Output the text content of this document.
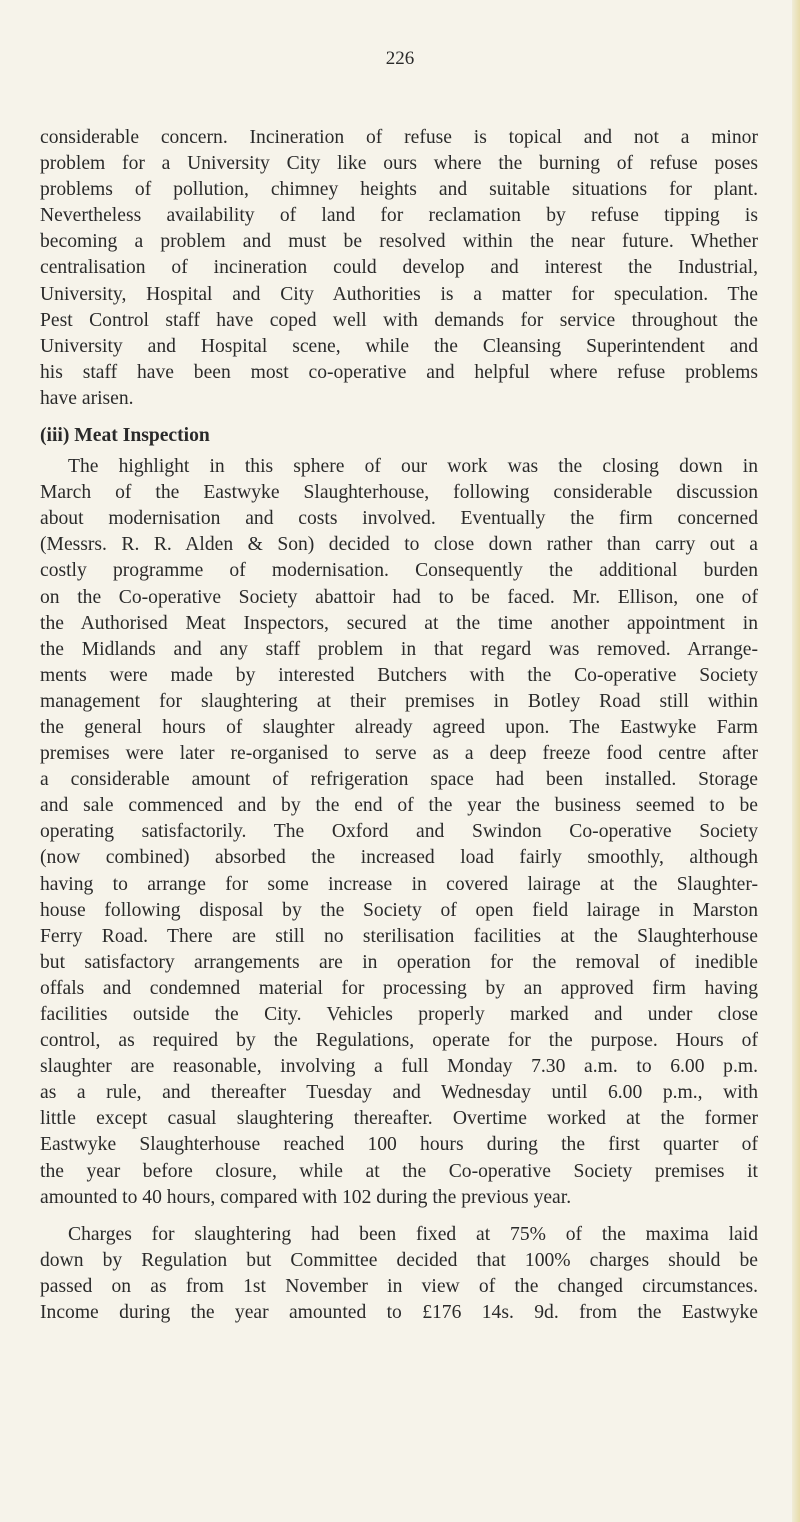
226
considerable concern. Incineration of refuse is topical and not a minor
problem for a University City like ours where the burning of refuse poses
problems of pollution, chimney heights and suitable situations for plant.
Nevertheless availability of land for reclamation by refuse tipping is
becoming a problem and must be resolved within the near future. Whether
centralisation of incineration could develop and interest the Industrial,
University, Hospital and City Authorities is a matter for speculation. The
Pest Control staff have coped well with demands for service throughout the
University and Hospital scene, while the Cleansing Superintendent and
his staff have been most co-operative and helpful where refuse problems
have arisen.
(iii) Meat Inspection
The highlight in this sphere of our work was the closing down in
March of the Eastwyke Slaughterhouse, following considerable discussion
about modernisation and costs involved. Eventually the firm concerned
(Messrs. R. R. Alden & Son) decided to close down rather than carry out a
costly programme of modernisation. Consequently the additional burden
on the Co-operative Society abattoir had to be faced. Mr. Ellison, one of
the Authorised Meat Inspectors, secured at the time another appointment in
the Midlands and any staff problem in that regard was removed. Arrange-
ments were made by interested Butchers with the Co-operative Society
management for slaughtering at their premises in Botley Road still within
the general hours of slaughter already agreed upon. The Eastwyke Farm
premises were later re-organised to serve as a deep freeze food centre after
a considerable amount of refrigeration space had been installed. Storage
and sale commenced and by the end of the year the business seemed to be
operating satisfactorily. The Oxford and Swindon Co-operative Society
(now combined) absorbed the increased load fairly smoothly, although
having to arrange for some increase in covered lairage at the Slaughter-
house following disposal by the Society of open field lairage in Marston
Ferry Road. There are still no sterilisation facilities at the Slaughterhouse
but satisfactory arrangements are in operation for the removal of inedible
offals and condemned material for processing by an approved firm having
facilities outside the City. Vehicles properly marked and under close
control, as required by the Regulations, operate for the purpose. Hours of
slaughter are reasonable, involving a full Monday 7.30 a.m. to 6.00 p.m.
as a rule, and thereafter Tuesday and Wednesday until 6.00 p.m., with
little except casual slaughtering thereafter. Overtime worked at the former
Eastwyke Slaughterhouse reached 100 hours during the first quarter of
the year before closure, while at the Co-operative Society premises it
amounted to 40 hours, compared with 102 during the previous year.
Charges for slaughtering had been fixed at 75% of the maxima laid
down by Regulation but Committee decided that 100% charges should be
passed on as from 1st November in view of the changed circumstances.
Income during the year amounted to £176 14s. 9d. from the Eastwyke
